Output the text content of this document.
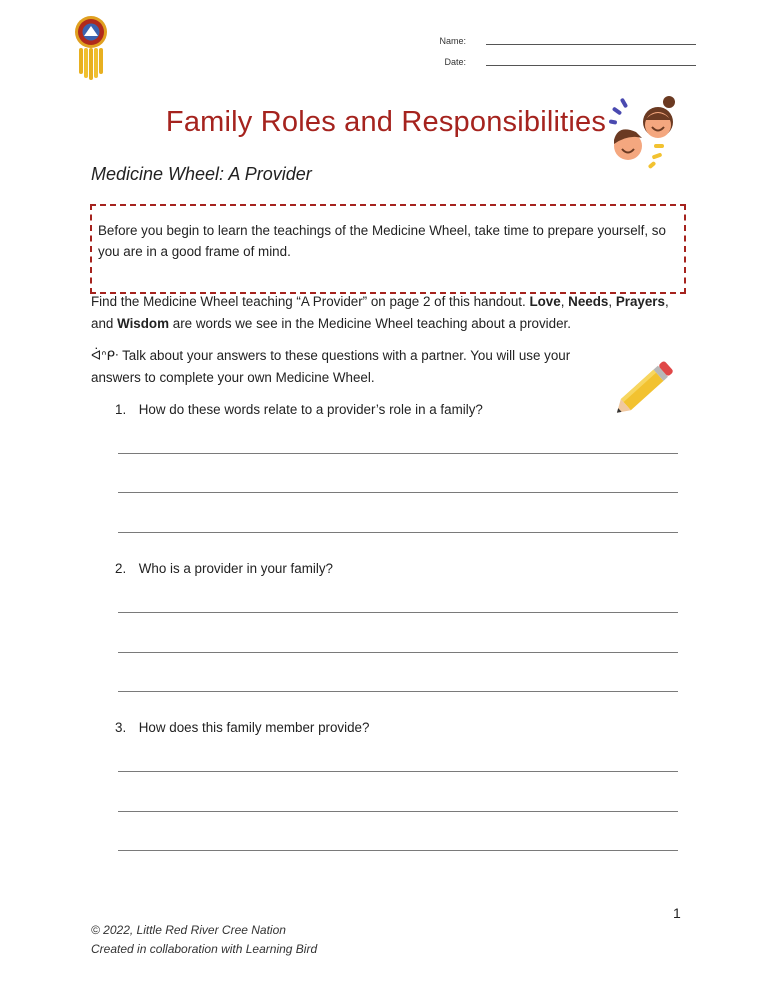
Name:
Date:
Family Roles and Responsibilities
Medicine Wheel: A Provider
Before you begin to learn the teachings of the Medicine Wheel, take time to prepare yourself, so you are in a good frame of mind.
Find the Medicine Wheel teaching “A Provider” on page 2 of this handout. Love, Needs, Prayers, and Wisdom are words we see in the Medicine Wheel teaching about a provider.
ᐋᐢᑭᐧ Talk about your answers to these questions with a partner. You will use your answers to complete your own Medicine Wheel.
1. How do these words relate to a provider’s role in a family?
2. Who is a provider in your family?
3. How does this family member provide?
1
© 2022, Little Red River Cree Nation
Created in collaboration with Learning Bird
